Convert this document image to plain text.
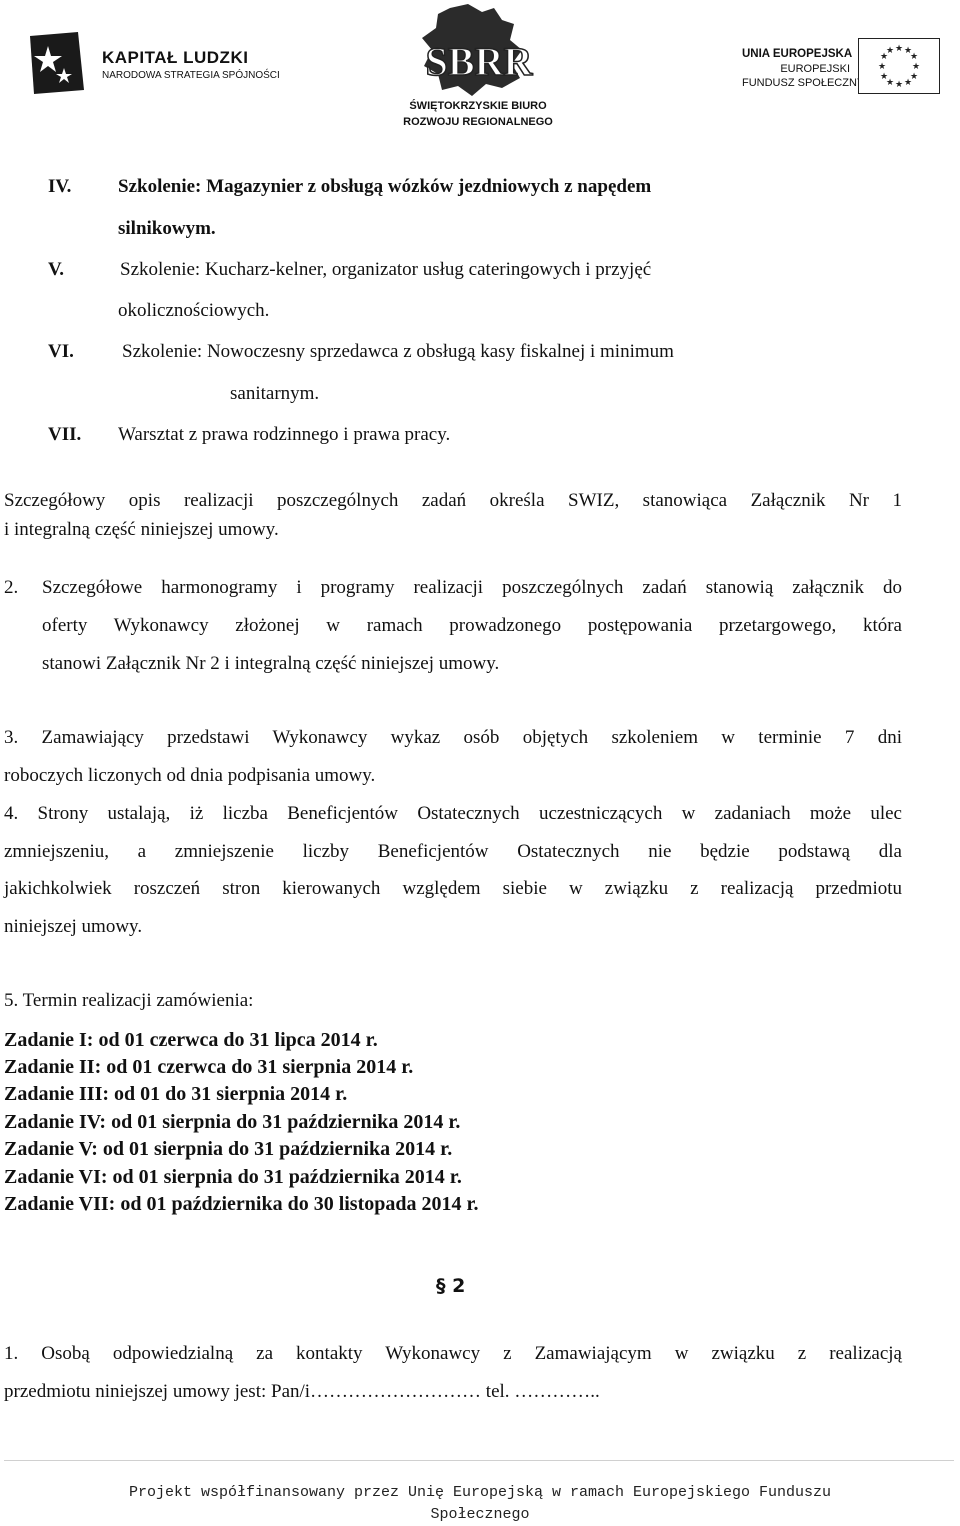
KAPITAŁ LUDZKI
NARODOWA STRATEGIA SPÓJNOŚCI	SBRR
ŚWIĘTOKRZYSKIE BIURO
ROZWOJU REGIONALNEGO
UNIA EUROPEJSKA
EUROPEJSKI
FUNDUSZ SPOŁECZNY
★ ★
★
★
★
★
★
★
★
★
★
★
IV. Szkolenie: Magazynier z obsługą wózków jezdniowych z napędem
silnikowym.
V.	Szkolenie: Kucharz-kelner, organizator usług cateringowych i przyjęć
okolicznościowych.
VI.	Szkolenie: Nowoczesny sprzedawca z obsługą kasy fiskalnej i minimum
sanitarnym.
VII. Warsztat z prawa rodzinnego i prawa pracy.
Szczegółowy opis realizacji poszczególnych zadań określa SWIZ, stanowiąca Załącznik Nr 1
i integralną część niniejszej umowy.
2. Szczegółowe harmonogramy i programy realizacji poszczególnych zadań stanowią załącznik do
oferty Wykonawcy złożonej w ramach prowadzonego postępowania przetargowego, która
stanowi Załącznik Nr 2 i integralną część niniejszej umowy.
3. Zamawiający przedstawi Wykonawcy wykaz osób objętych szkoleniem w terminie 7 dni
roboczych liczonych od dnia podpisania umowy.
4. Strony ustalają, iż liczba Beneficjentów Ostatecznych uczestniczących w zadaniach może ulec
zmniejszeniu, a zmniejszenie liczby Beneficjentów Ostatecznych nie będzie podstawą dla
jakichkolwiek roszczeń stron kierowanych względem siebie w związku z realizacją przedmiotu
niniejszej umowy.
5. Termin realizacji zamówienia:
Zadanie I: od 01 czerwca do 31 lipca 2014 r.
Zadanie II: od 01 czerwca do 31 sierpnia 2014 r.
Zadanie III: od 01 do 31 sierpnia 2014 r.
Zadanie IV: od 01 sierpnia do 31 października 2014 r.
Zadanie V: od 01 sierpnia do 31 października 2014 r.
Zadanie VI: od 01 sierpnia do 31 października 2014 r.
Zadanie VII: od 01 października do 30 listopada 2014 r.
§ 2
1. Osobą odpowiedzialną za kontakty Wykonawcy z Zamawiającym w związku z realizacją
przedmiotu niniejszej umowy jest: Pan/i……………………… tel. …………..
Projekt współfinansowany przez Unię Europejską w ramach Europejskiego Funduszu
Społecznego
